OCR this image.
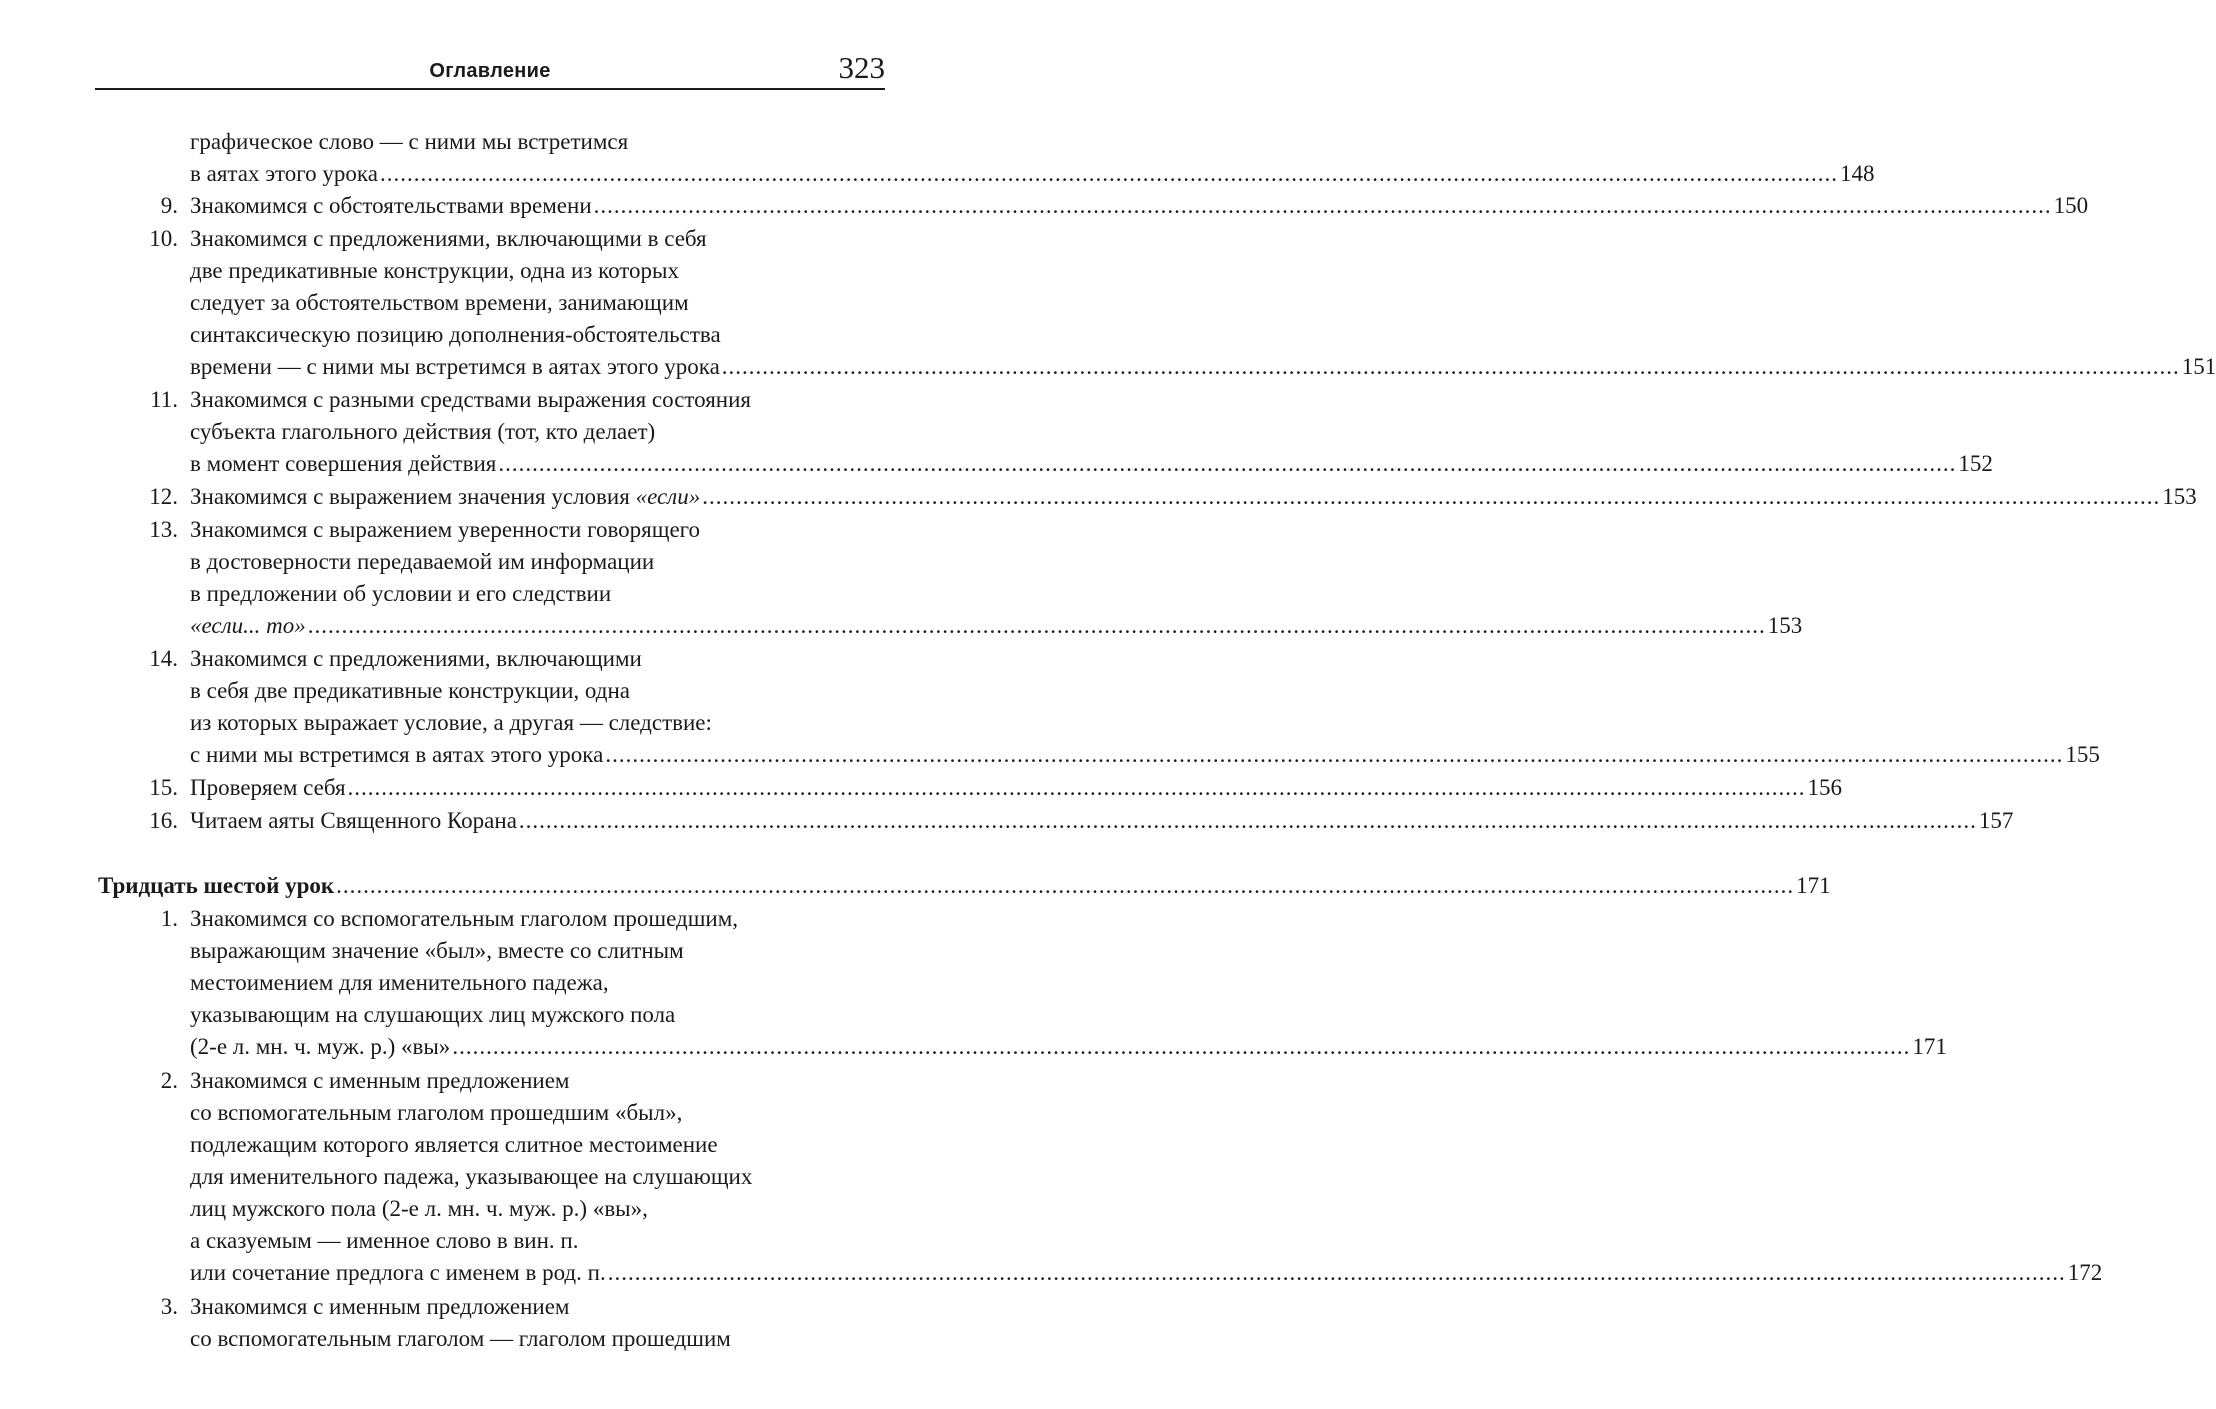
Оглавление	323
графическое слово — с ними мы встретимся
в аятах этого урока ........................................................................................................................................................................................................................ 148
9. Знакомимся с обстоятельствами времени ........................................................................................................................................................................................................................ 150
10. Знакомимся с предложениями, включающими в себя
две предикативные конструкции, одна из которых
следует за обстоятельством времени, занимающим
синтаксическую позицию дополнения-обстоятельства
времени — с ними мы встретимся в аятах этого урока ........................................................................................................................................................................................................................ 151
11. Знакомимся с разными средствами выражения состояния
субъекта глагольного действия (тот, кто делает)
в момент совершения действия ........................................................................................................................................................................................................................ 152
12. Знакомимся с выражением значения условия «если» ........................................................................................................................................................................................................................ 153
13. Знакомимся с выражением уверенности говорящего
в достоверности передаваемой им информации
в предложении об условии и его следствии
«если... то» ........................................................................................................................................................................................................................ 153
14. Знакомимся с предложениями, включающими
в себя две предикативные конструкции, одна
из которых выражает условие, а другая — следствие:
с ними мы встретимся в аятах этого урока ........................................................................................................................................................................................................................ 155
15. Проверяем себя ........................................................................................................................................................................................................................ 156
16. Читаем аяты Священного Корана ........................................................................................................................................................................................................................ 157
Тридцать шестой урок ........................................................................................................................................................................................................................ 171
1. Знакомимся со вспомогательным глаголом прошедшим,
выражающим значение «был», вместе со слитным
местоимением для именительного падежа,
указывающим на слушающих лиц мужского пола
(2-е л. мн. ч. муж. р.) «вы» ........................................................................................................................................................................................................................ 171
2. Знакомимся с именным предложением
со вспомогательным глаголом прошедшим «был»,
подлежащим которого является слитное местоимение
для именительного падежа, указывающее на слушающих
лиц мужского пола (2-е л. мн. ч. муж. р.) «вы»,
а сказуемым — именное слово в вин. п.
или сочетание предлога с именем в род. п. ........................................................................................................................................................................................................................ 172
3. Знакомимся с именным предложением
со вспомогательным глаголом — глаголом прошедшим
